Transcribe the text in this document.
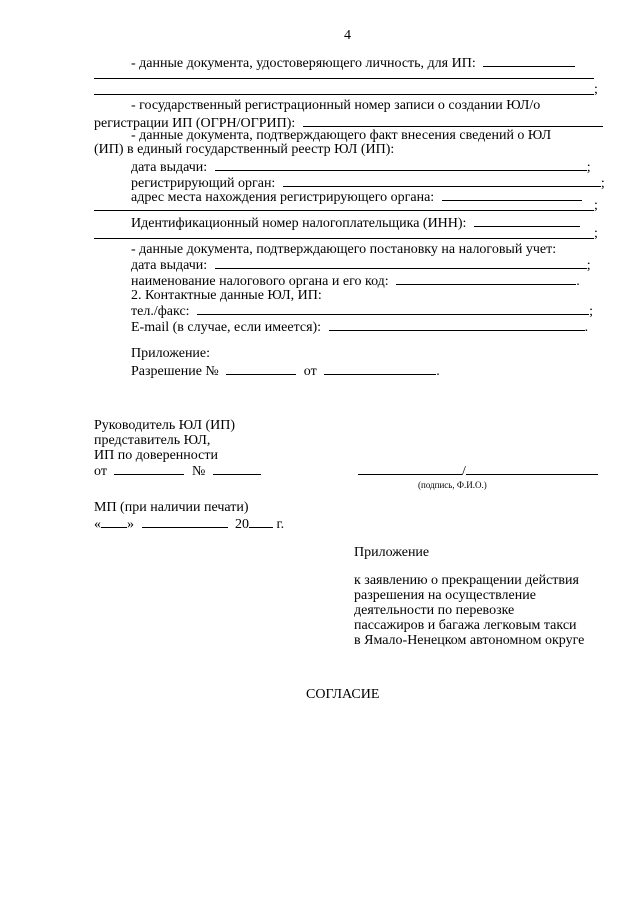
4
- данные документа, удостоверяющего личность, для ИП:
;
- государственный регистрационный номер записи о создании ЮЛ/о
регистрации ИП (ОГРН/ОГРИП):
- данные документа, подтверждающего факт внесения сведений о ЮЛ
(ИП) в единый государственный реестр ЮЛ (ИП):
дата выдачи:	;
регистрирующий орган:	;
адрес места нахождения регистрирующего органа:
;
Идентификационный номер налогоплательщика (ИНН):
;
- данные документа, подтверждающего постановку на налоговый учет:
дата выдачи:	;
наименование налогового органа и его код:	.
2. Контактные данные ЮЛ, ИП:
тел./факс:	;
E-mail (в случае, если имеется):	.
Приложение:
Разрешение №	от	.
Руководитель ЮЛ (ИП)
представитель ЮЛ,
ИП по доверенности
от	№	/
(подпись, Ф.И.О.)
МП (при наличии печати)
« »	20 г.
Приложение
к заявлению о прекращении действия
разрешения на осуществление
деятельности по перевозке
пассажиров и багажа легковым такси
в Ямало-Ненецком автономном округе
СОГЛАСИЕ
